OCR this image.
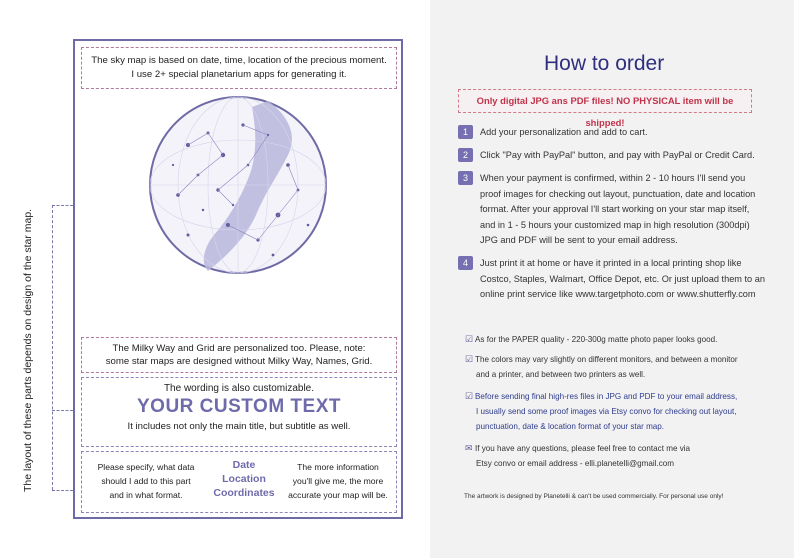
The layout of these parts depends on design of the star map.
The sky map is based on date, time, location of the precious moment.
I use 2+ special planetarium apps for generating it.
The Milky Way and Grid are personalized too. Please, note:
some star maps are designed without Milky Way, Names, Grid.
The wording is also customizable.
YOUR CUSTOM TEXT
It includes not only the main title, but subtitle as well.
Please specify, what data
should I add to this part
and in what format.
Date
Location
Coordinates
The more information
you'll give me, the more
accurate your map will be.
How to order
Only digital JPG ans PDF files! NO PHYSICAL item will be shipped!
1	Add your personalization and add to cart.
2	Click "Pay with PayPal" button, and pay with PayPal or Credit Card.
3	When your payment is confirmed, within 2 - 10 hours I'll send you proof images for checking out layout, punctuation, date and location format. After your approval I'll start working on your star map itself, and in 1 - 5 hours your customized map in high resolution (300dpi) JPG and PDF will be sent to your email address.
4	Just print it at home or have it printed in a local printing shop like Costco, Staples, Walmart, Office Depot, etc. Or just upload them to an online print service like www.targetphoto.com or www.shutterfly.com
☑ As for the PAPER quality - 220-300g matte photo paper looks good.
☑ The colors may vary slightly on different monitors, and between a monitor
and a printer, and between two printers as well.
☑ Before sending final high-res files in JPG and PDF to your email address,
I usually send some proof images via Etsy convo for checking out layout,
punctuation, date & location format of your star map.
✉ If you have any questions, please feel free to contact me via
Etsy convo or email address - elli.planetelli@gmail.com
The artwork is designed by Planetelli & can't be used commercially. For personal use only!
